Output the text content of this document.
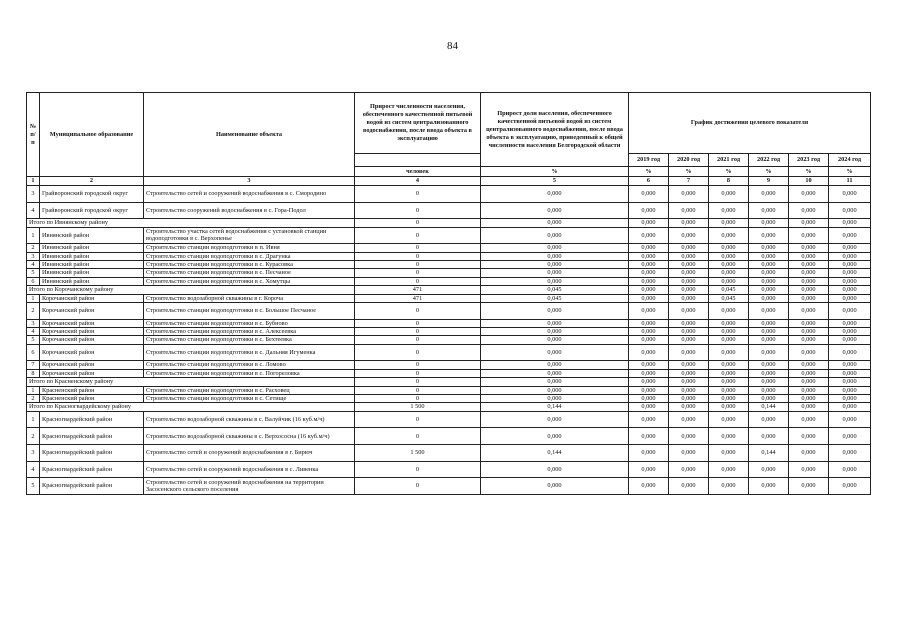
84
№ п/п	Муниципальное образование	Наименование объекта	Прирост численности населения, обеспеченного качественной питьевой водой из систем централизованного водоснабжения, после ввода объекта в эксплуатацию	Прирост доли населения, обеспеченного качественной питьевой водой из систем централизованного водоснабжения, после ввода объекта в эксплуатацию, приведенный к общей численности населения Белгородской области	График достижения целевого показателя					
					2019 год	2020 год	2021 год	2022 год	2023 год	2024 год
			человек	%	%	%	%	%	%	%
1	2	3	4	5	6	7	8	9	10	11
3	Грайворонский городской округ	Строительство сетей и сооружений водоснабжения в с. Смородино	0	0,000	0,000	0,000	0,000	0,000	0,000	0,000
4	Грайворонский городской округ	Строительство сооружений водоснабжения в с. Гора-Подол	0	0,000	0,000	0,000	0,000	0,000	0,000	0,000
Итого по Ивнянскому району			0	0,000	0,000	0,000	0,000	0,000	0,000	0,000
1	Ивнянский район	Строительство участка сетей водоснабжения с установкой станции водоподготовки в с. Верхопенье	0	0,000	0,000	0,000	0,000	0,000	0,000	0,000
2	Ивнянский район	Строительство станции водоподготовки в п. Ивня	0	0,000	0,000	0,000	0,000	0,000	0,000	0,000
3	Ивнянский район	Строительство станции водоподготовки в с. Драгунка	0	0,000	0,000	0,000	0,000	0,000	0,000	0,000
4	Ивнянский район	Строительство станции водоподготовки в с. Курасовка	0	0,000	0,000	0,000	0,000	0,000	0,000	0,000
5	Ивнянский район	Строительство станции водоподготовки в с. Песчаное	0	0,000	0,000	0,000	0,000	0,000	0,000	0,000
6	Ивнянский район	Строительство станции водоподготовки в с. Хомутцы	0	0,000	0,000	0,000	0,000	0,000	0,000	0,000
Итого по Корочанскому району			471	0,045	0,000	0,000	0,045	0,000	0,000	0,000
1	Корочанский район	Строительство водозаборной скважины в г. Короча	471	0,045	0,000	0,000	0,045	0,000	0,000	0,000
2	Корочанский район	Строительство станции водоподготовки в с. Большое Песчаное	0	0,000	0,000	0,000	0,000	0,000	0,000	0,000
3	Корочанский район	Строительство станции водоподготовки в с. Бубново	0	0,000	0,000	0,000	0,000	0,000	0,000	0,000
4	Корочанский район	Строительство станции водоподготовки в с. Алексеевка	0	0,000	0,000	0,000	0,000	0,000	0,000	0,000
5	Корочанский район	Строительство станции водоподготовки в с. Бехтеевка	0	0,000	0,000	0,000	0,000	0,000	0,000	0,000
6	Корочанский район	Строительство станции водоподготовки в с. Дальняя Игуменка	0	0,000	0,000	0,000	0,000	0,000	0,000	0,000
7	Корочанский район	Строительство станции водоподготовки в с. Ломово	0	0,000	0,000	0,000	0,000	0,000	0,000	0,000
8	Корочанский район	Строительство станции водоподготовки в с. Погореловка	0	0,000	0,000	0,000	0,000	0,000	0,000	0,000
Итого по Красненскому району			0	0,000	0,000	0,000	0,000	0,000	0,000	0,000
1	Красненский район	Строительство станции водоподготовки в с. Расховец	0	0,000	0,000	0,000	0,000	0,000	0,000	0,000
2	Красненский район	Строительство станции водоподготовки в с. Сетище	0	0,000	0,000	0,000	0,000	0,000	0,000	0,000
Итого по Красногвардейскому району			1 500	0,144	0,000	0,000	0,000	0,144	0,000	0,000
1	Красногвардейский район	Строительство водозаборной скважины в с. Валуйчик (16 куб.м/ч)	0	0,000	0,000	0,000	0,000	0,000	0,000	0,000
2	Красногвардейский район	Строительство водозаборной скважины в с. Верхососна (16 куб.м/ч)	0	0,000	0,000	0,000	0,000	0,000	0,000	0,000
3	Красногвардейский район	Строительство сетей и сооружений водоснабжения в г. Бирюч	1 500	0,144	0,000	0,000	0,000	0,144	0,000	0,000
4	Красногвардейский район	Строительство сетей и сооружений водоснабжения в с. Ливенка	0	0,000	0,000	0,000	0,000	0,000	0,000	0,000
5	Красногвардейский район	Строительство сетей и сооружений водоснабжения на территории Засосенского сельского поселения	0	0,000	0,000	0,000	0,000	0,000	0,000	0,000
